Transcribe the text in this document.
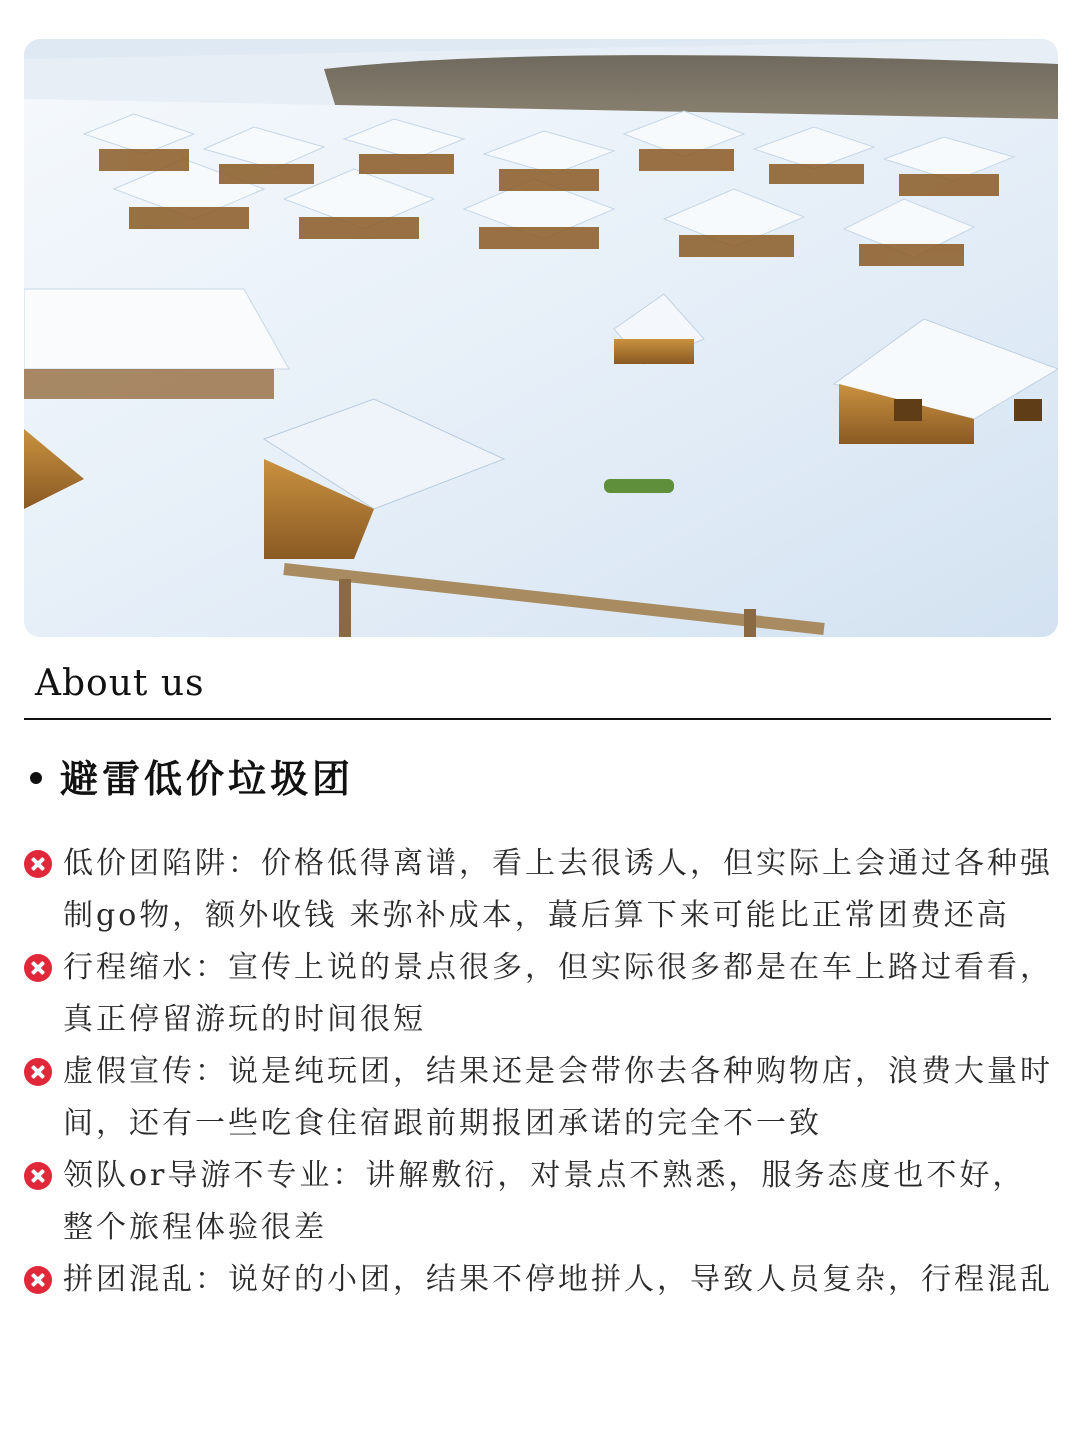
About us
避雷低价垃圾团
低价团陷阱：价格低得离谱，看上去很诱人，但实际上会通过各种强制go物，额外收钱 来弥补成本，蕞后算下来可能比正常团费还高
行程缩水：宣传上说的景点很多，但实际很多都是在车上路过看看，真正停留游玩的时间很短
虚假宣传：说是纯玩团，结果还是会带你去各种购物店，浪费大量时间，还有一些吃食住宿跟前期报团承诺的完全不一致
领队or导游不专业：讲解敷衍，对景点不熟悉，服务态度也不好，整个旅程体验很差
拼团混乱：说好的小团，结果不停地拼人，导致人员复杂，行程混乱
